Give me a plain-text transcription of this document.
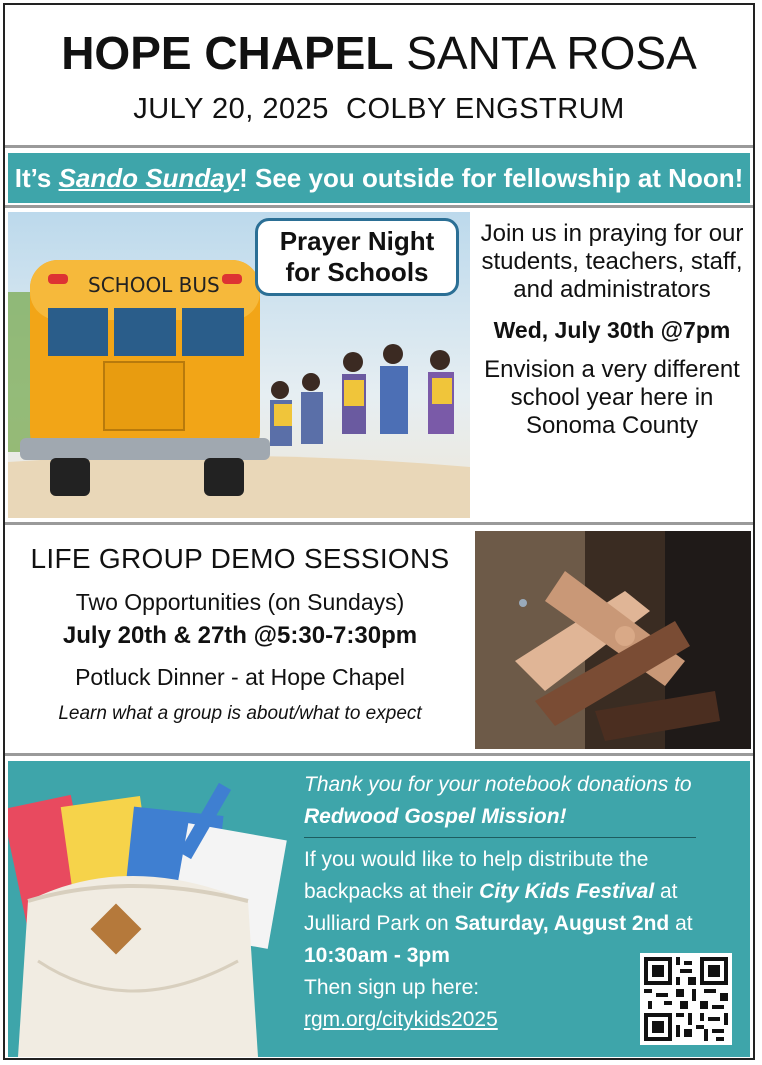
HOPE CHAPEL SANTA ROSA
JULY 20, 2025 COLBY ENGSTRUM
It’s Sando Sunday! See you outside for fellowship at Noon!
SCHOOL BUS
Prayer Night
for Schools
Join us in praying for our students, teachers, staff, and administrators
Wed, July 30th @7pm
Envision a very different school year here in Sonoma County
LIFE GROUP DEMO SESSIONS
Two Opportunities (on Sundays)
July 20th & 27th @5:30-7:30pm
Potluck Dinner - at Hope Chapel
Learn what a group is about/what to expect
Thank you for your notebook donations to Redwood Gospel Mission!
If you would like to help distribute the backpacks at their City Kids Festival at Julliard Park on Saturday, August 2nd at 10:30am - 3pm
Then sign up here:
rgm.org/citykids2025
